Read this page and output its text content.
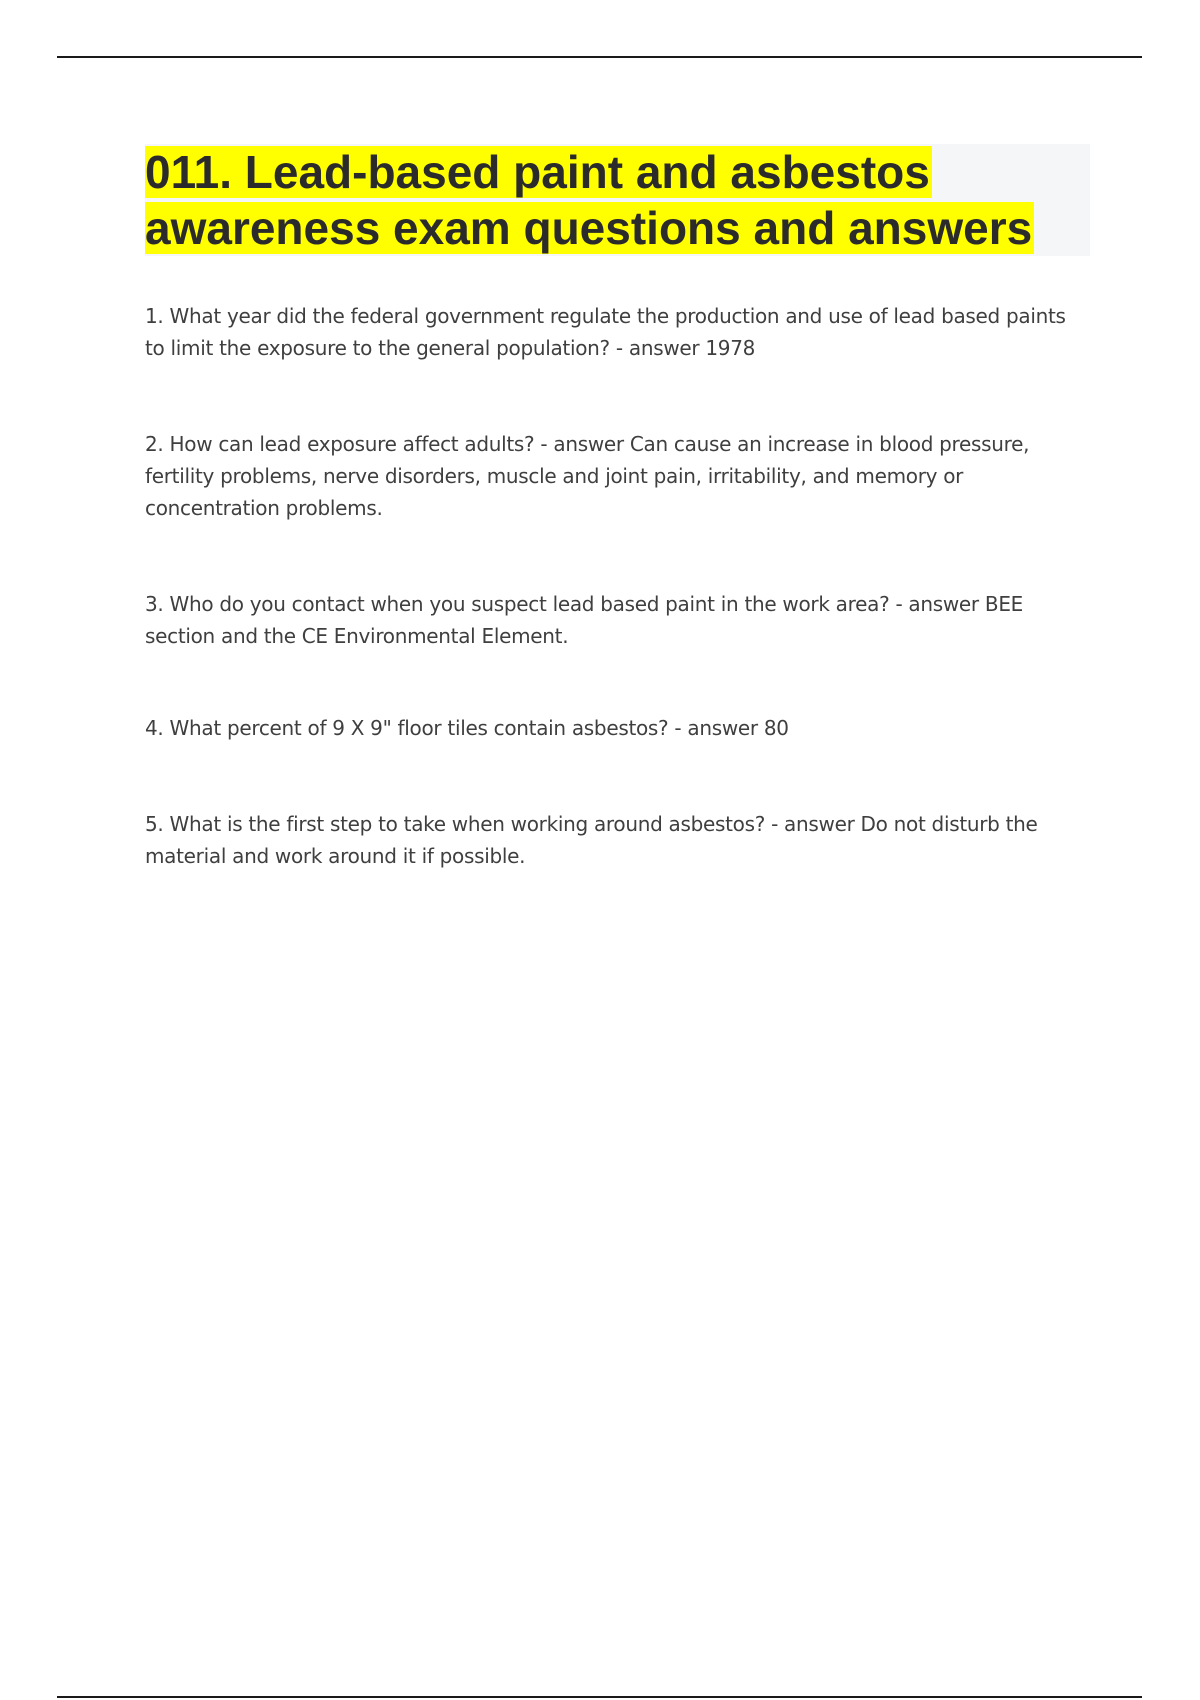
011. Lead-based paint and asbestos awareness exam questions and answers

1. What year did the federal government regulate the production and use of lead based paints to limit the exposure to the general population? - answer 1978

2. How can lead exposure affect adults? - answer Can cause an increase in blood pressure, fertility problems, nerve disorders, muscle and joint pain, irritability, and memory or concentration problems.

3. Who do you contact when you suspect lead based paint in the work area? - answer BEE section and the CE Environmental Element.

4. What percent of 9 X 9" floor tiles contain asbestos? - answer 80

5. What is the first step to take when working around asbestos? - answer Do not disturb the material and work around it if possible.
